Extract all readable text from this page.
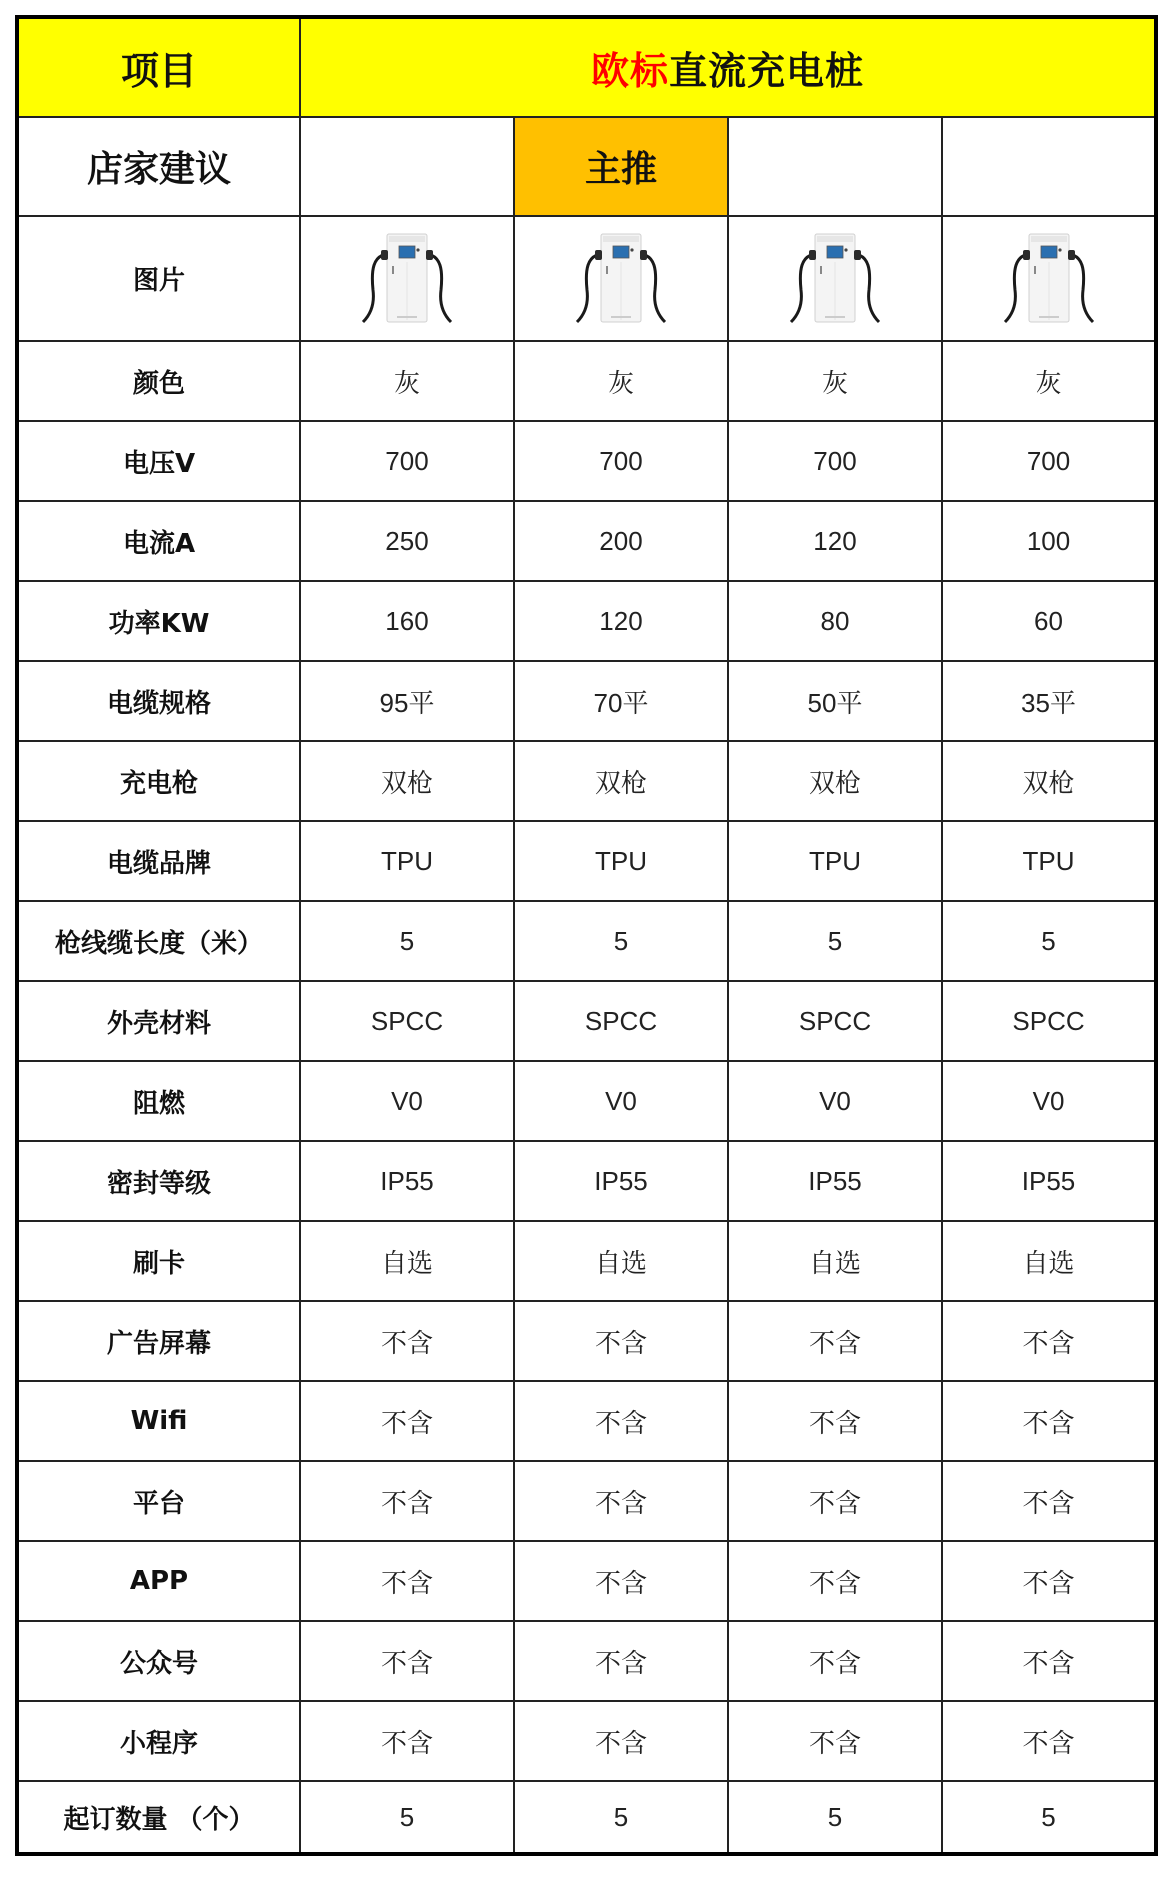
项目	欧标直流充电桩			
店家建议		主推		
图片	

颜色	灰	灰	灰	灰
电压V	700	700	700	700
电流A	250	200	120	100
功率KW	160	120	80	60
电缆规格	95平	70平	50平	35平
充电枪	双枪	双枪	双枪	双枪
电缆品牌	TPU	TPU	TPU	TPU
枪线缆长度（米）	5	5	5	5
外壳材料	SPCC	SPCC	SPCC	SPCC
阻燃	V0	V0	V0	V0
密封等级	IP55	IP55	IP55	IP55
刷卡	自选	自选	自选	自选
广告屏幕	不含	不含	不含	不含
Wifi	不含	不含	不含	不含
平台	不含	不含	不含	不含
APP	不含	不含	不含	不含
公众号	不含	不含	不含	不含
小程序	不含	不含	不含	不含
起订数量 （个）	5	5	5	5
